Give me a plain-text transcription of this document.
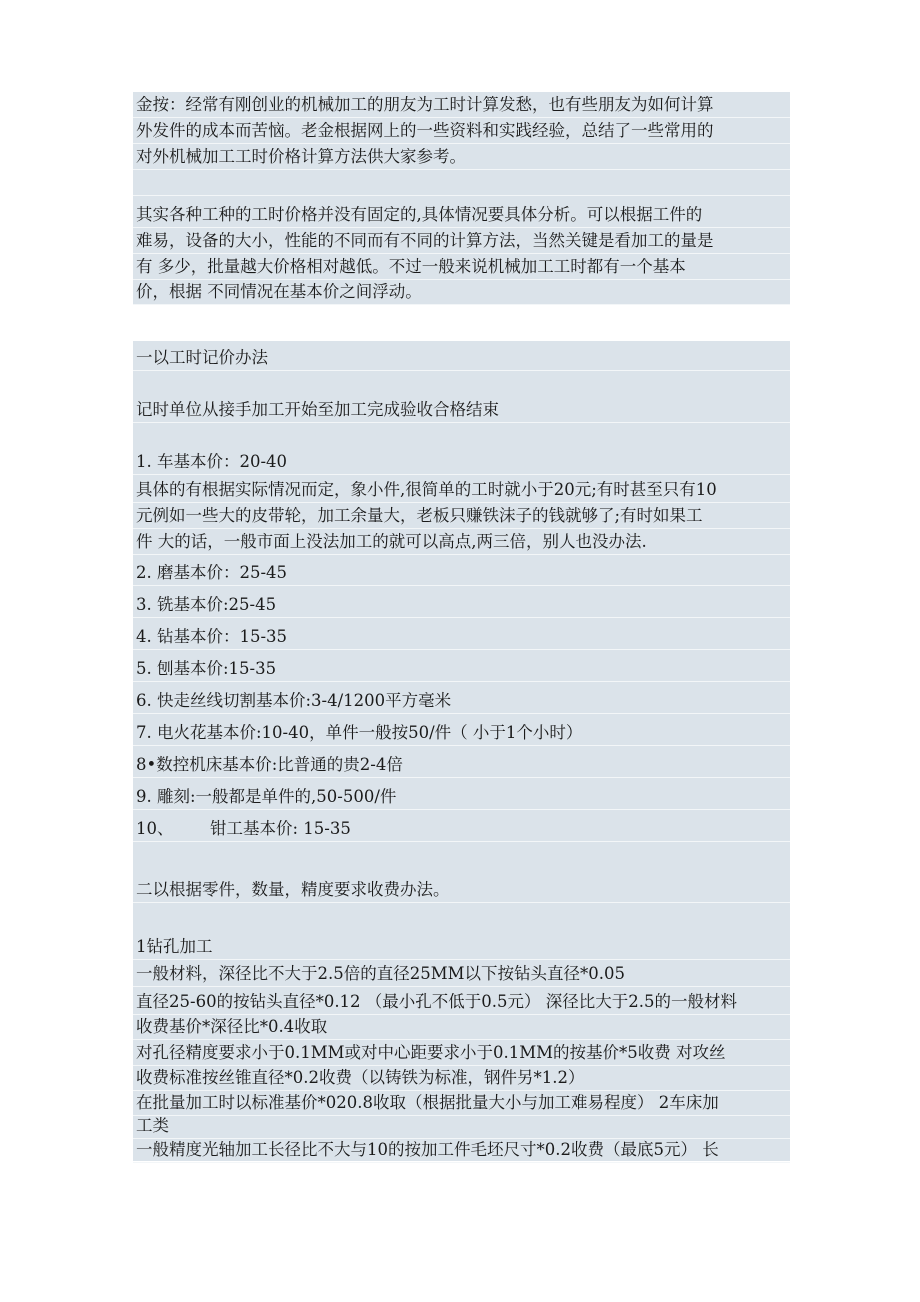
金按：经常有刚创业的机械加工的朋友为工时计算发愁，也有些朋友为如何计算
外发件的成本而苦恼。老金根据网上的一些资料和实践经验，总结了一些常用的
对外机械加工工时价格计算方法供大家参考。
其实各种工种的工时价格并没有固定的,具体情况要具体分析。可以根据工件的
难易，设备的大小，性能的不同而有不同的计算方法，当然关键是看加工的量是
有 多少，批量越大价格相对越低。不过一般来说机械加工工时都有一个基本
价，根据 不同情况在基本价之间浮动。
一以工时记价办法
记时单位从接手加工开始至加工完成验收合格结束
1. 车基本价：20-40
具体的有根据实际情况而定，象小件,很简单的工时就小于20元;有时甚至只有10
元例如一些大的皮带轮，加工余量大，老板只赚铁沫子的钱就够了;有时如果工
件 大的话，一般市面上没法加工的就可以高点,两三倍，别人也没办法.
2. 磨基本价：25-45
3. 铣基本价:25-45
4. 钻基本价：15-35
5. 刨基本价:15-35
6. 快走丝线切割基本价:3-4/1200平方毫米
7. 电火花基本价:10-40，单件一般按50/件（ 小于1个小时）
8•数控机床基本价:比普通的贵2-4倍
9. 雕刻:一般都是单件的,50-500/件
10、 钳工基本价: 15-35
二以根据零件，数量，精度要求收费办法。
1钻孔加工
一般材料，深径比不大于2.5倍的直径25MM以下按钻头直径*0.05
直径25-60的按钻头直径*0.12 （最小孔不低于0.5元） 深径比大于2.5的一般材料
收费基价*深径比*0.4收取
对孔径精度要求小于0.1MM或对中心距要求小于0.1MM的按基价*5收费 对攻丝
收费标准按丝锥直径*0.2收费（以铸铁为标准，钢件另*1.2）
在批量加工时以标准基价*020.8收取（根据批量大小与加工难易程度） 2车床加
工类
一般精度光轴加工长径比不大与10的按加工件毛坯尺寸*0.2收费（最底5元） 长
